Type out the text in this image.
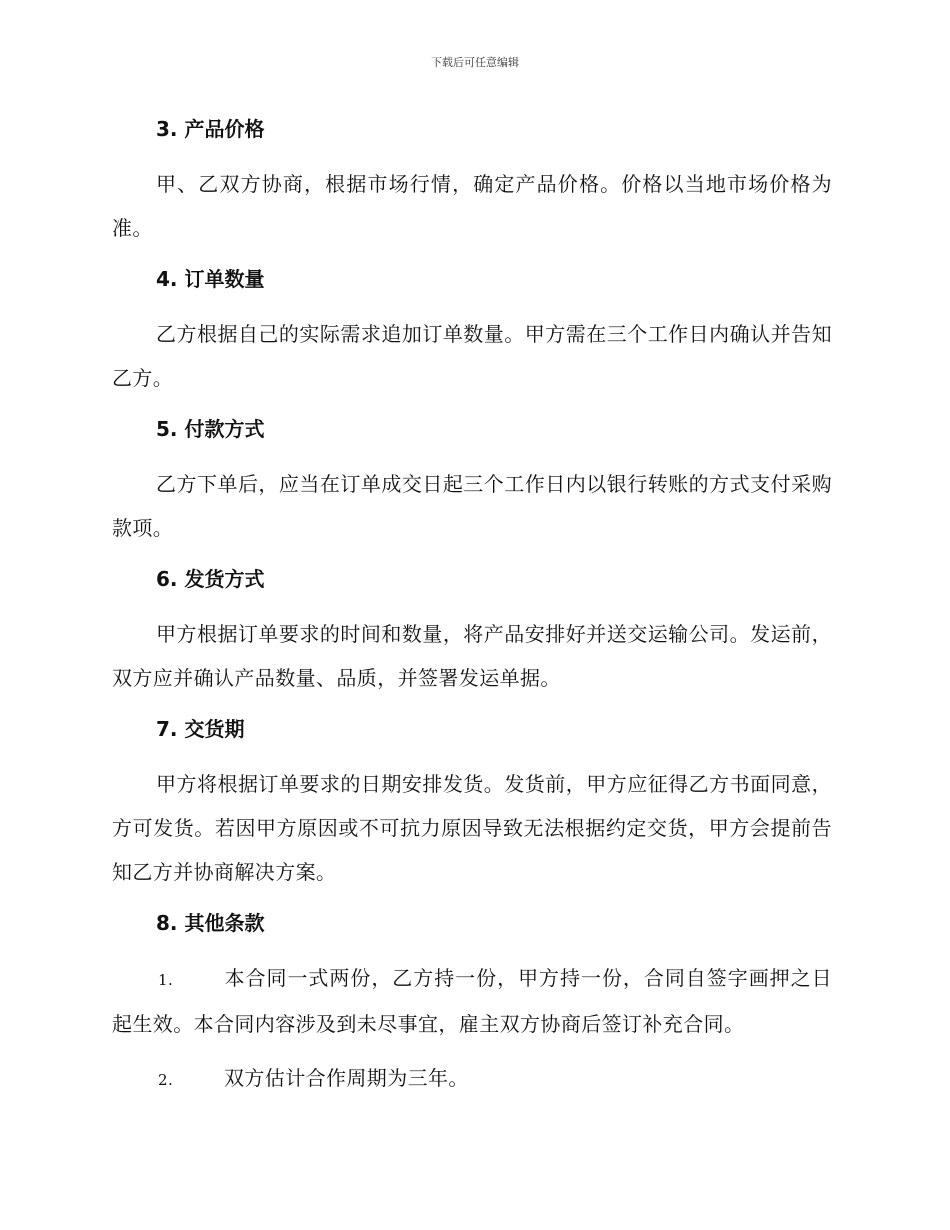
下载后可任意编辑
3. 产品价格

甲、乙双方协商，根据市场行情，确定产品价格。价格以当地市场价格为准。

4. 订单数量

乙方根据自己的实际需求追加订单数量。甲方需在三个工作日内确认并告知乙方。

5. 付款方式

乙方下单后，应当在订单成交日起三个工作日内以银行转账的方式支付采购款项。

6. 发货方式

甲方根据订单要求的时间和数量，将产品安排好并送交运输公司。发运前，双方应并确认产品数量、品质，并签署发运单据。

7. 交货期

甲方将根据订单要求的日期安排发货。发货前，甲方应征得乙方书面同意，方可发货。若因甲方原因或不可抗力原因导致无法根据约定交货，甲方会提前告知乙方并协商解决方案。

8. 其他条款

1.	本合同一式两份，乙方持一份，甲方持一份，合同自签字画押之日起生效。本合同内容涉及到未尽事宜，雇主双方协商后签订补充合同。

2.	双方估计合作周期为三年。
